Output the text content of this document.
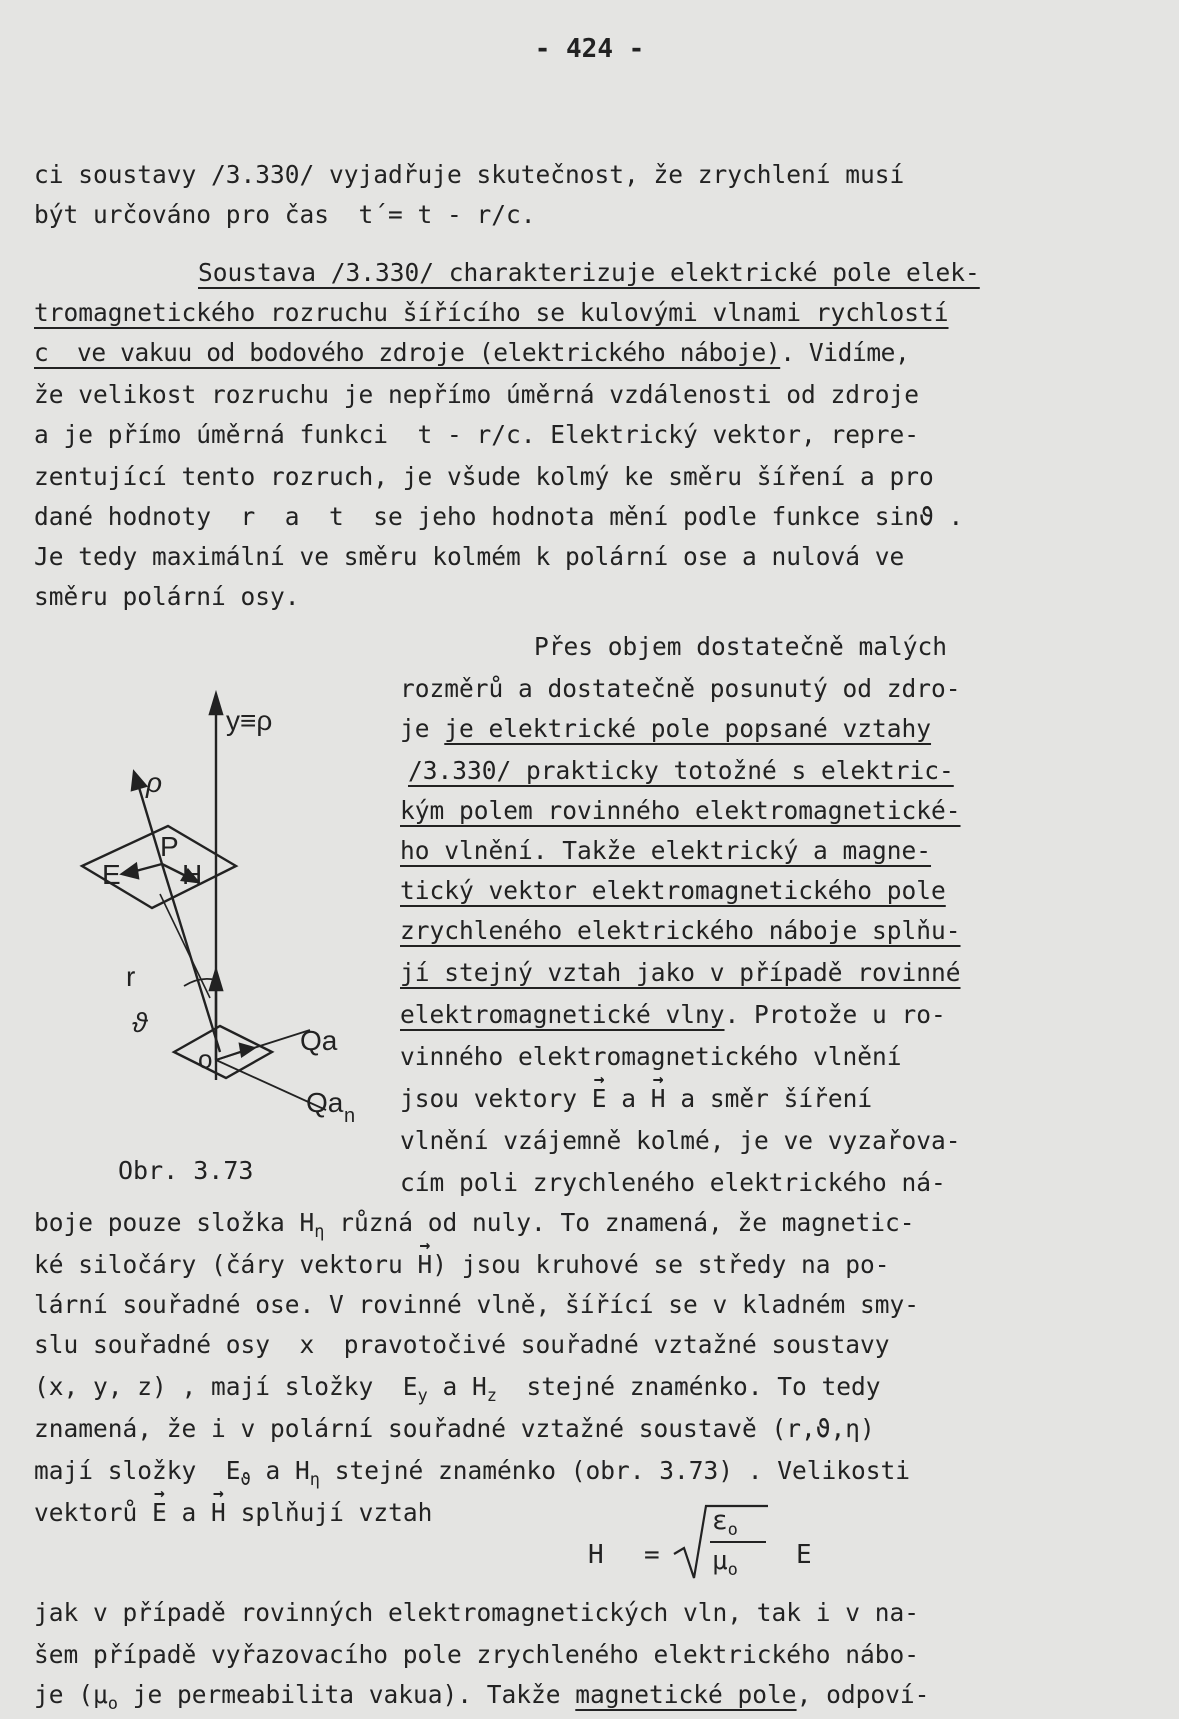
- 424 -
ci soustavy /3.330/ vyjadřuje skutečnost, že zrychlení musí
být určováno pro čas  t´= t - r/c.
Soustava /3.330/ charakterizuje elektrické pole elek-
tromagnetického rozruchu šířícího se kulovými vlnami rychlostí
c  ve vakuu od bodového zdroje (elektrického náboje). Vidíme,
že velikost rozruchu je nepřímo úměrná vzdálenosti od zdroje
a je přímo úměrná funkci  t - r/c. Elektrický vektor, repre-
zentující tento rozruch, je všude kolmý ke směru šíření a pro
dané hodnoty  r  a  t  se jeho hodnota mění podle funkce sinϑ .
Je tedy maximální ve směru kolmém k polární ose a nulová ve
směru polární osy.
Přes objem dostatečně malých
rozměrů a dostatečně posunutý od zdro-
je je elektrické pole popsané vztahy
/3.330/ prakticky totožné s elektric-
kým polem rovinného elektromagnetické-
ho vlnění. Takže elektrický a magne-
tický vektor elektromagnetického pole
zrychleného elektrického náboje splňu-
jí stejný vztah jako v případě rovinné
elektromagnetické vlny. Protože u ro-
vinného elektromagnetického vlnění
jsou vektory → E a → H a směr šíření
vlnění vzájemně kolmé, je ve vyzařova-
cím poli zrychleného elektrického ná-
boje pouze složka $H_\eta$ různá od nuly. To znamená, že magnetic-
ké siločáry (čáry vektoru → H) jsou kruhové se středy na po-
lární souřadné ose. V rovinné vlně, šířící se v kladném smy-
slu souřadné osy  x  pravotočivé souřadné vztažné soustavy
(x, y, z) , mají složky  $E_y$ a $H_z$  stejné znaménko. To tedy
znamená, že i v polární souřadné vztažné soustavě (r,ϑ,η)
mají složky  $E_ϑ$ a $H_\eta$ stejné znaménko (obr. 3.73) . Velikosti
vektorů → E a → H splňují vztah
H =
$\varepsilon_o$
$\mu_o$
E
jak v případě rovinných elektromagnetických vln, tak i v na-
šem případě vyřazovacího pole zrychleného elektrického nábo-
je ($\mu_o$ je permeabilita vakua). Takže magnetické pole, odpoví-
y≡ρ
ρ
P
E H
r
ϑ
Qa
Qa n
o
Obr. 3.73
